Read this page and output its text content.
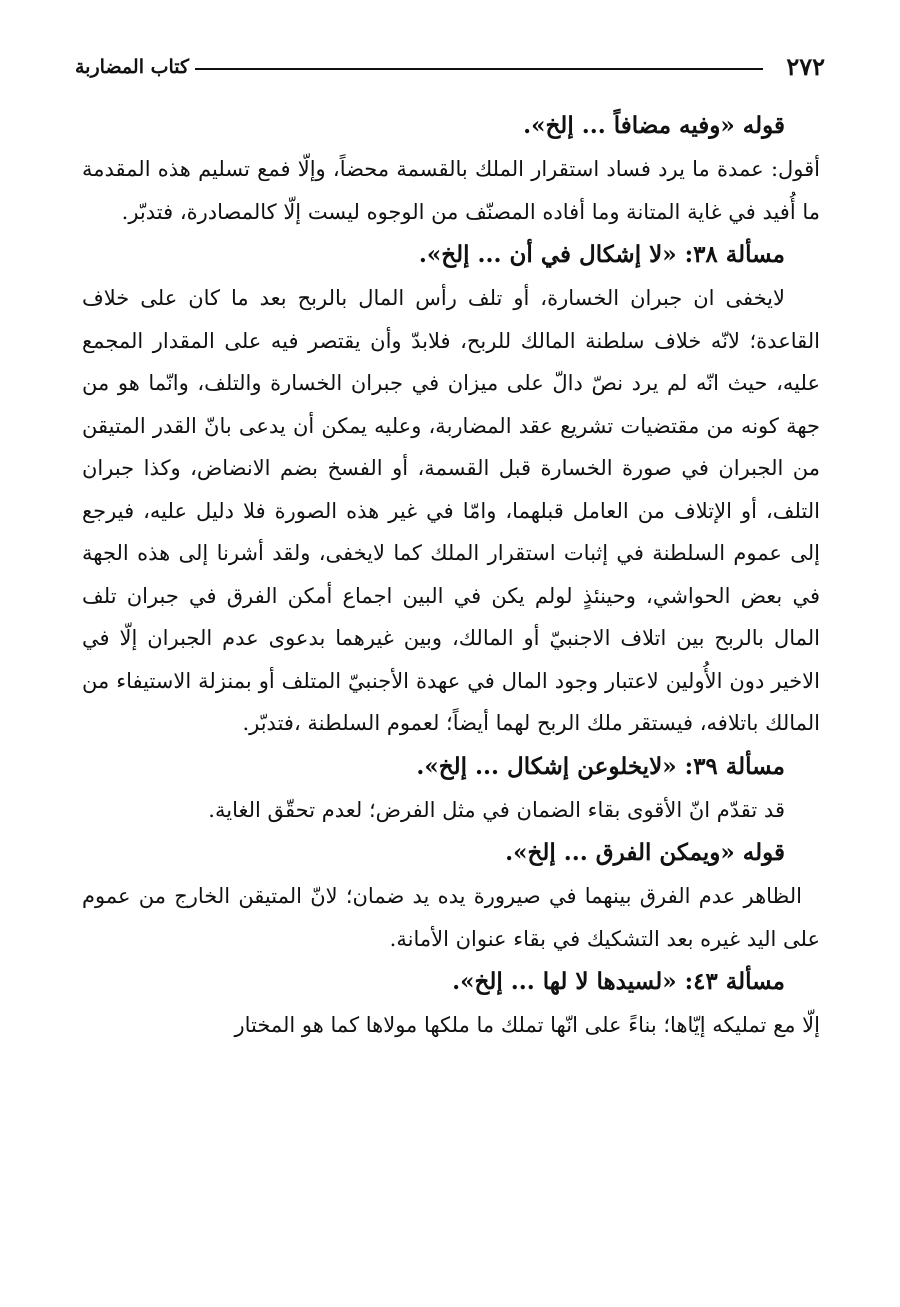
٢٧٢
كتاب المضاربة

قوله «وفيه مضافاً ... إلخ».

أقول: عمدة ما يرد فساد استقرار الملك بالقسمة محضاً، وإلّا فمع تسليم هذه المقدمة ما أُفيد في غاية المتانة وما أفاده المصنّف من الوجوه ليست إلّا كالمصادرة، فتدبّر.

مسألة ٣٨: «لا إشكال في أن ... إلخ».

لايخفى ان جبران الخسارة، أو تلف رأس المال بالربح بعد ما كان على خلاف القاعدة؛ لانّه خلاف سلطنة المالك للربح، فلابدّ وأن يقتصر فيه على المقدار المجمع عليه، حيث انّه لم يرد نصّ دالّ على ميزان في جبران الخسارة والتلف، وانّما هو من جهة كونه من مقتضيات تشريع عقد المضاربة، وعليه يمكن أن يدعى بانّ القدر المتيقن من الجبران في صورة الخسارة قبل القسمة، أو الفسخ بضم الانضاض، وكذا جبران التلف، أو الإتلاف من العامل قبلهما، وامّا في غير هذه الصورة فلا دليل عليه، فيرجع إلى عموم السلطنة في إثبات استقرار الملك كما لايخفى، ولقد أشرنا إلى هذه الجهة في بعض الحواشي، وحينئذٍ لولم يكن في البين اجماع أمكن الفرق في جبران تلف المال بالربح بين اتلاف الاجنبيّ أو المالك، وبين غيرهما بدعوى عدم الجبران إلّا في الاخير دون الأُولين لاعتبار وجود المال في عهدة الأجنبيّ المتلف أو بمنزلة الاستيفاء من المالك باتلافه، فيستقر ملك الربح لهما أيضاً؛ لعموم السلطنة ،فتدبّر.

مسألة ٣٩: «لايخلوعن إشكال ... إلخ».

قد تقدّم انّ الأقوى بقاء الضمان في مثل الفرض؛ لعدم تحقّق الغاية.

قوله «ويمكن الفرق ... إلخ».

الظاهر عدم الفرق بينهما في صيرورة يده يد ضمان؛ لانّ المتيقن الخارج من عموم على اليد غيره بعد التشكيك في بقاء عنوان الأمانة.

مسألة ٤٣: «لسيدها لا لها ... إلخ».

إلّا مع تمليكه إيّاها؛ بناءً على انّها تملك ما ملكها مولاها كما هو المختار
